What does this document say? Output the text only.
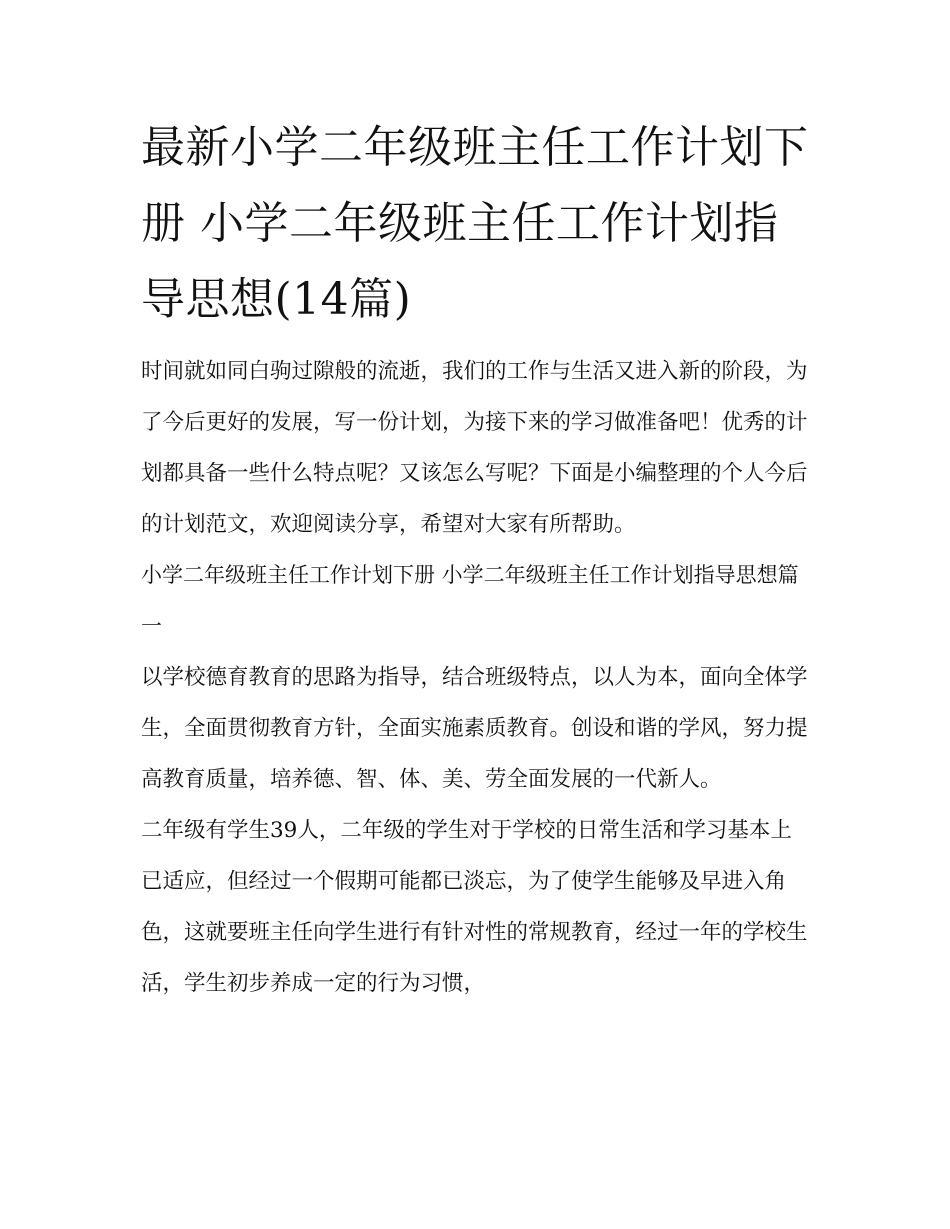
最新小学二年级班主任工作计划下册 小学二年级班主任工作计划指导思想(14篇)

时间就如同白驹过隙般的流逝，我们的工作与生活又进入新的阶段，为了今后更好的发展，写一份计划，为接下来的学习做准备吧！优秀的计划都具备一些什么特点呢？又该怎么写呢？下面是小编整理的个人今后的计划范文，欢迎阅读分享，希望对大家有所帮助。

小学二年级班主任工作计划下册 小学二年级班主任工作计划指导思想篇一

以学校德育教育的思路为指导，结合班级特点，以人为本，面向全体学生，全面贯彻教育方针，全面实施素质教育。创设和谐的学风，努力提高教育质量，培养德、智、体、美、劳全面发展的一代新人。

二年级有学生39人，二年级的学生对于学校的日常生活和学习基本上已适应，但经过一个假期可能都已淡忘，为了使学生能够及早进入角色，这就要班主任向学生进行有针对性的常规教育，经过一年的学校生活，学生初步养成一定的行为习惯，
